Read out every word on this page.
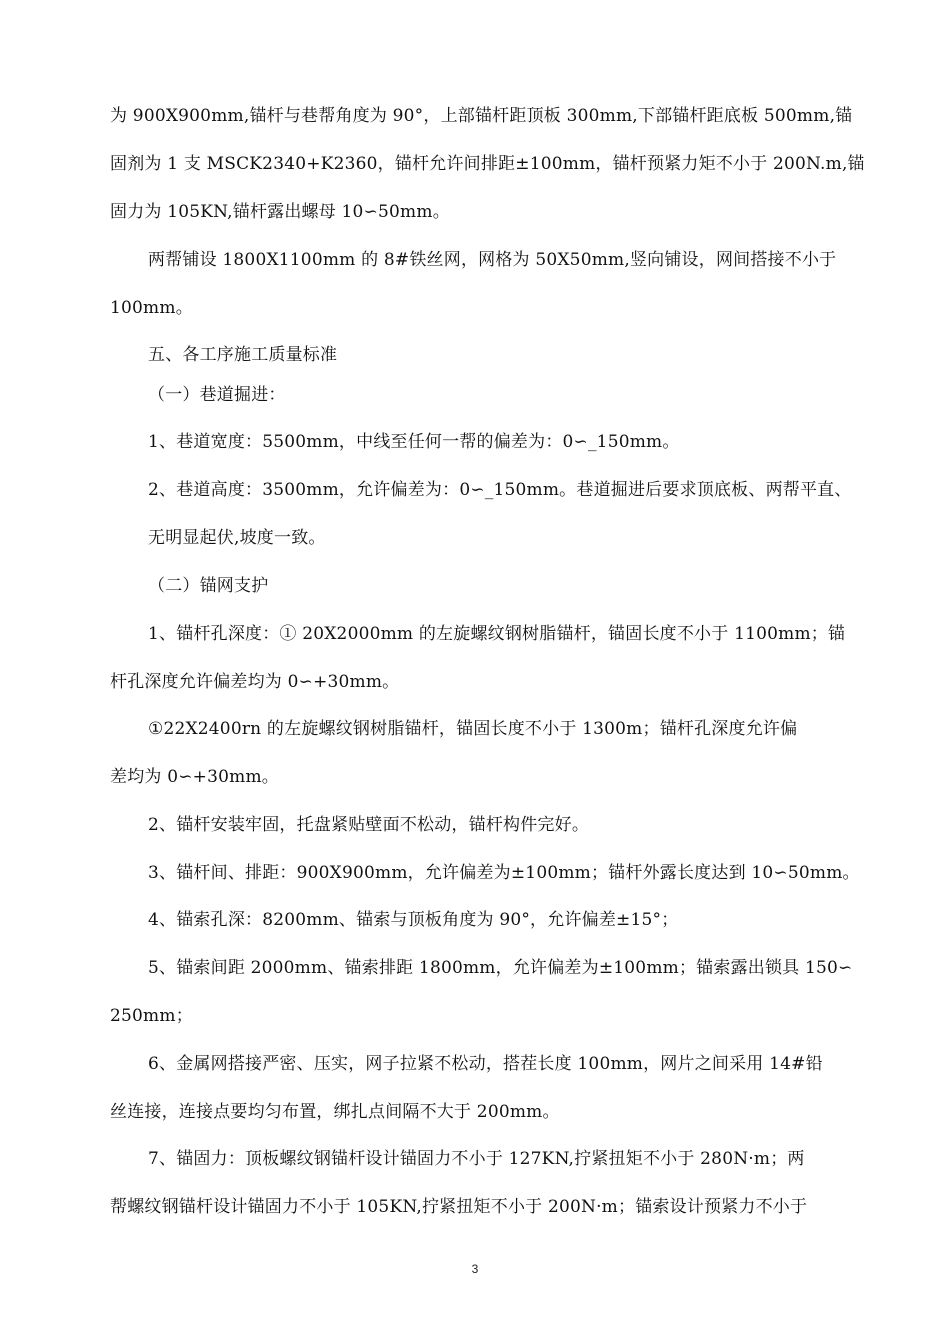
为 900X900mm,锚杆与巷帮角度为 90°，上部锚杆距顶板 300mm,下部锚杆距底板 500mm,锚
固剂为 1 支 MSCK2340+K2360，锚杆允许间排距±100mm，锚杆预紧力矩不小于 200N.m,锚
固力为 105KN,锚杆露出螺母 10∽50mm。
两帮铺设 1800X1100mm 的 8#铁丝网，网格为 50X50mm,竖向铺设，网间搭接不小于
100mm。
五、各工序施工质量标准
（一）巷道掘进：
1、巷道宽度：5500mm，中线至任何一帮的偏差为：0∽_150mm。
2、巷道高度：3500mm，允许偏差为：0∽_150mm。巷道掘进后要求顶底板、两帮平直、
无明显起伏,坡度一致。
（二）锚网支护
1、锚杆孔深度：① 20X2000mm 的左旋螺纹钢树脂锚杆，锚固长度不小于 1100mm；锚
杆孔深度允许偏差均为 0∽+30mm。
①22X2400rn 的左旋螺纹钢树脂锚杆，锚固长度不小于 1300m；锚杆孔深度允许偏
差均为 0∽+30mm。
2、锚杆安装牢固，托盘紧贴壁面不松动，锚杆构件完好。
3、锚杆间、排距：900X900mm，允许偏差为±100mm；锚杆外露长度达到 10∽50mm。
4、锚索孔深：8200mm、锚索与顶板角度为 90°，允许偏差±15°；
5、锚索间距 2000mm、锚索排距 1800mm，允许偏差为±100mm；锚索露出锁具 150∽
250mm；
6、金属网搭接严密、压实，网子拉紧不松动，搭茬长度 100mm，网片之间采用 14#铅
丝连接，连接点要均匀布置，绑扎点间隔不大于 200mm。
7、锚固力：顶板螺纹钢锚杆设计锚固力不小于 127KN,拧紧扭矩不小于 280N·m；两
帮螺纹钢锚杆设计锚固力不小于 105KN,拧紧扭矩不小于 200N·m；锚索设计预紧力不小于
3
